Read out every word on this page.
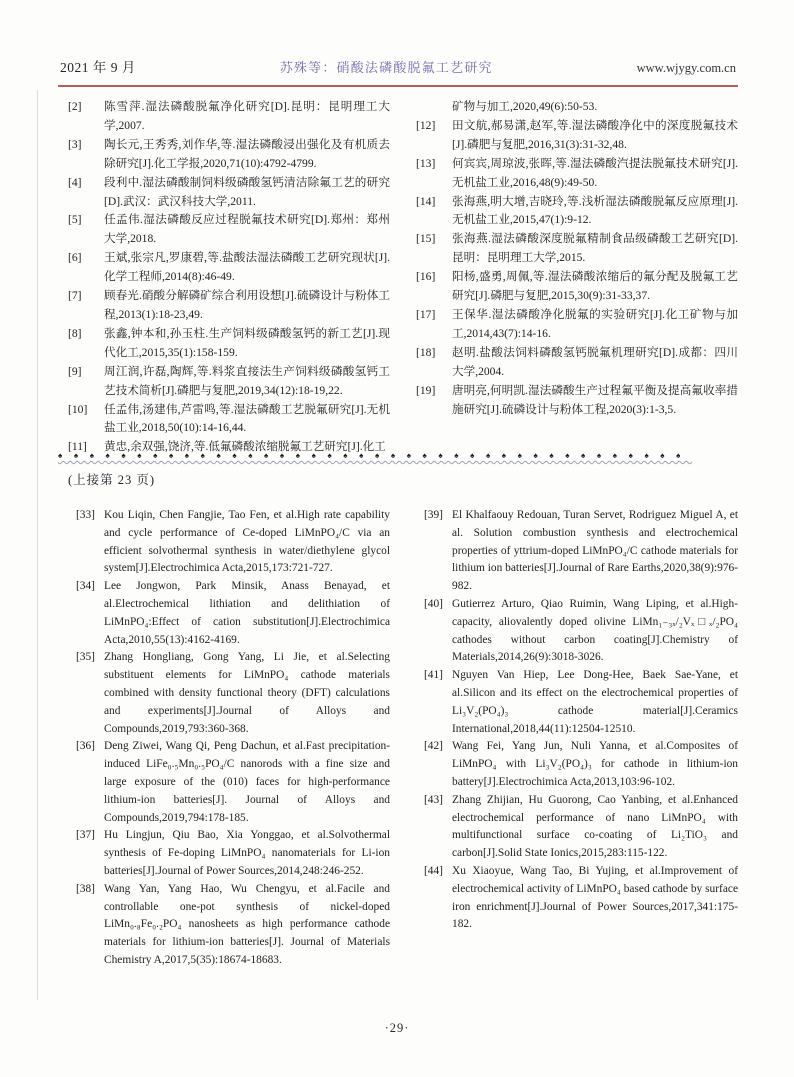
2021 年 9 月	苏殊等：硝酸法磷酸脱氟工艺研究	www.wjygy.com.cn
[2]	陈雪萍.湿法磷酸脱氟净化研究[D].昆明：昆明理工大学,2007.
[3]	陶长元,王秀秀,刘作华,等.湿法磷酸浸出强化及有机质去除研究[J].化工学报,2020,71(10):4792-4799.
[4]	段利中.湿法磷酸制饲料级磷酸氢钙清洁除氟工艺的研究[D].武汉：武汉科技大学,2011.
[5]	任孟伟.湿法磷酸反应过程脱氟技术研究[D].郑州：郑州大学,2018.
[6]	王斌,张宗凡,罗康碧,等.盐酸法湿法磷酸工艺研究现状[J].化学工程师,2014(8):46-49.
[7]	顾春光.硝酸分解磷矿综合利用设想[J].硫磷设计与粉体工程,2013(1):18-23,49.
[8]	张鑫,钟本和,孙玉柱.生产饲料级磷酸氢钙的新工艺[J].现代化工,2015,35(1):158-159.
[9]	周江润,许磊,陶辉,等.料浆直接法生产饲料级磷酸氢钙工艺技术简析[J].磷肥与复肥,2019,34(12):18-19,22.
[10]	任孟伟,汤建伟,芦雷鸣,等.湿法磷酸工艺脱氟研究[J].无机盐工业,2018,50(10):14-16,44.
[11]	黄忠,余双强,饶济,等.低氟磷酸浓缩脱氟工艺研究[J].化工
矿物与加工,2020,49(6):50-53.
[12]	田文航,郝易潇,赵军,等.湿法磷酸净化中的深度脱氟技术[J].磷肥与复肥,2016,31(3):31-32,48.
[13]	何宾宾,周琼波,张晖,等.湿法磷酸汽提法脱氟技术研究[J].无机盐工业,2016,48(9):49-50.
[14]	张海燕,明大增,吉晓玲,等.浅析湿法磷酸脱氟反应原理[J].无机盐工业,2015,47(1):9-12.
[15]	张海燕.湿法磷酸深度脱氟精制食品级磷酸工艺研究[D].昆明：昆明理工大学,2015.
[16]	阳杨,盛勇,周佩,等.湿法磷酸浓缩后的氟分配及脱氟工艺研究[J].磷肥与复肥,2015,30(9):31-33,37.
[17]	王保华.湿法磷酸净化脱氟的实验研究[J].化工矿物与加工,2014,43(7):14-16.
[18]	赵明.盐酸法饲料磷酸氢钙脱氟机理研究[D].成都：四川大学,2004.
[19]	唐明亮,何明凯.湿法磷酸生产过程氟平衡及提高氟收率措施研究[J].硫磷设计与粉体工程,2020(3):1-3,5.
♠♠♠♠♠♠♠♠♠♠♠♠♠♠♠♠♠♠♠♠♠♠♠♠♠♠♠♠♠♠♠♠♠♠♠♠♠♠♠♠
(上接第 23 页)
[33] Kou Liqin, Chen Fangjie, Tao Fen, et al.High rate capability and cycle performance of Ce-doped LiMnPO₄/C via an efficient solvothermal synthesis in water/diethylene glycol system[J].Electrochimica Acta,2015,173:721-727.
[34] Lee Jongwon, Park Minsik, Anass Benayad, et al.Electrochemical lithiation and delithiation of LiMnPO₄:Effect of cation substitution[J].Electrochimica Acta,2010,55(13):4162-4169.
[35] Zhang Hongliang, Gong Yang, Li Jie, et al.Selecting substituent elements for LiMnPO₄ cathode materials combined with density functional theory (DFT) calculations and experiments[J].Journal of Alloys and Compounds,2019,793:360-368.
[36] Deng Ziwei, Wang Qi, Peng Dachun, et al.Fast precipitation-induced LiFe₀.₅Mn₀.₅PO₄/C nanorods with a fine size and large exposure of the (010) faces for high-performance lithium-ion batteries[J]. Journal of Alloys and Compounds,2019,794:178-185.
[37] Hu Lingjun, Qiu Bao, Xia Yonggao, et al.Solvothermal synthesis of Fe-doping LiMnPO₄ nanomaterials for Li-ion batteries[J].Journal of Power Sources,2014,248:246-252.
[38] Wang Yan, Yang Hao, Wu Chengyu, et al.Facile and controllable one-pot synthesis of nickel-doped LiMn₀.₈Fe₀.₂PO₄ nanosheets as high performance cathode materials for lithium-ion batteries[J]. Journal of Materials Chemistry A,2017,5(35):18674-18683.
[39] El Khalfaouy Redouan, Turan Servet, Rodriguez Miguel A, et al. Solution combustion synthesis and electrochemical properties of yttrium-doped LiMnPO₄/C cathode materials for lithium ion batteries[J].Journal of Rare Earths,2020,38(9):976-982.
[40] Gutierrez Arturo, Qiao Ruimin, Wang Liping, et al.High-capacity, aliovalently doped olivine LiMn₁₋₃ₓ/₂Vₓ□ₓ/₂PO₄ cathodes without carbon coating[J].Chemistry of Materials,2014,26(9):3018-3026.
[41] Nguyen Van Hiep, Lee Dong-Hee, Baek Sae-Yane, et al.Silicon and its effect on the electrochemical properties of Li₃V₂(PO₄)₃ cathode material[J].Ceramics International,2018,44(11):12504-12510.
[42] Wang Fei, Yang Jun, Nuli Yanna, et al.Composites of LiMnPO₄ with Li₃V₂(PO₄)₃ for cathode in lithium-ion battery[J].Electrochimica Acta,2013,103:96-102.
[43] Zhang Zhijian, Hu Guorong, Cao Yanbing, et al.Enhanced electrochemical performance of nano LiMnPO₄ with multifunctional surface co-coating of Li₂TiO₃ and carbon[J].Solid State Ionics,2015,283:115-122.
[44] Xu Xiaoyue, Wang Tao, Bi Yujing, et al.Improvement of electrochemical activity of LiMnPO₄ based cathode by surface iron enrichment[J].Journal of Power Sources,2017,341:175-182.
·29·
